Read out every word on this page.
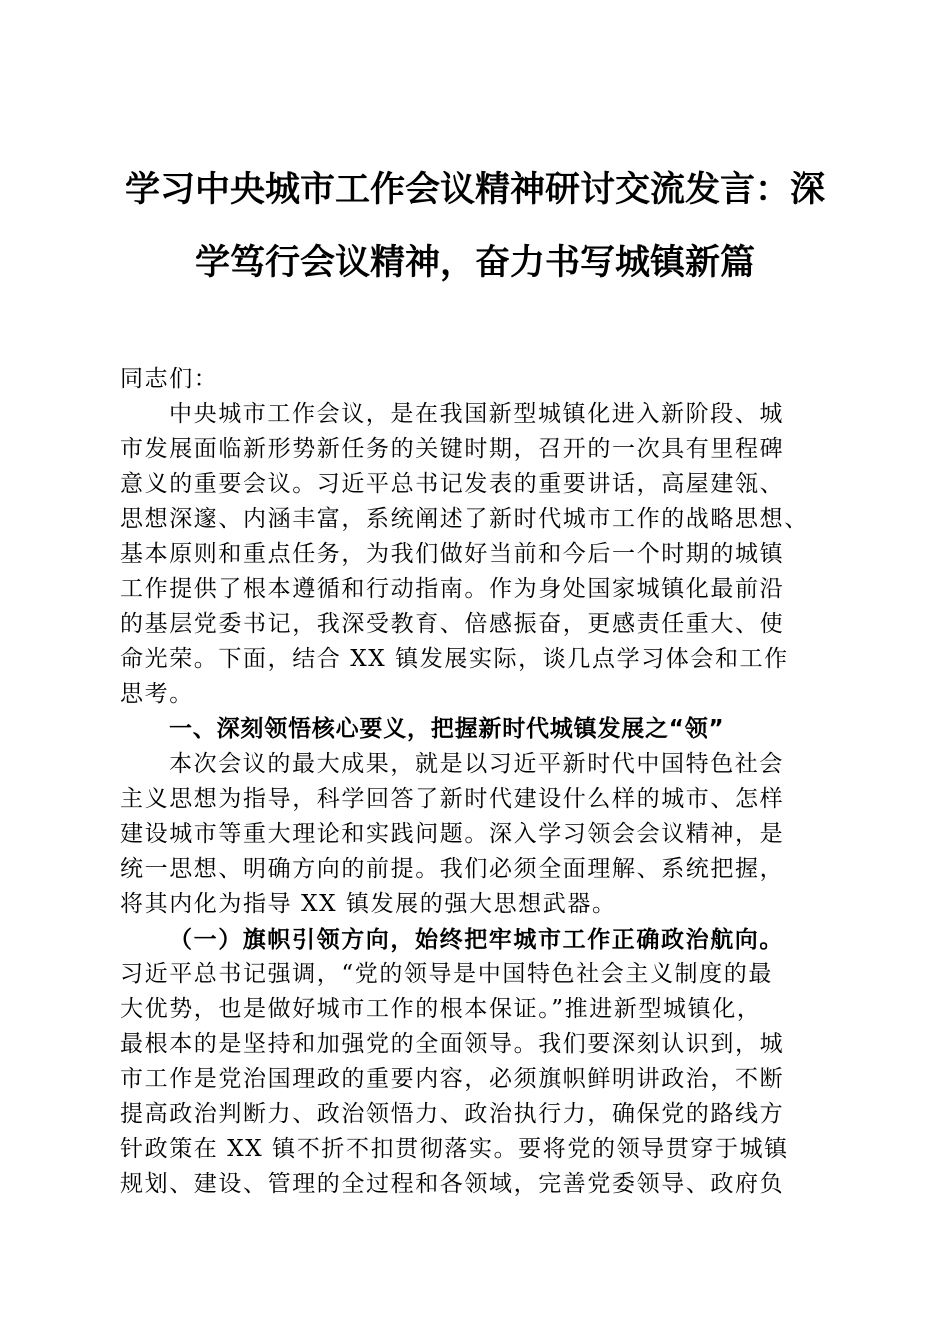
学习中央城市工作会议精神研讨交流发言：深
学笃行会议精神，奋力书写城镇新篇
同志们：
中央城市工作会议，是在我国新型城镇化进入新阶段、城
市发展面临新形势新任务的关键时期，召开的一次具有里程碑
意义的重要会议。习近平总书记发表的重要讲话，高屋建瓴、
思想深邃、内涵丰富，系统阐述了新时代城市工作的战略思想、
基本原则和重点任务，为我们做好当前和今后一个时期的城镇
工作提供了根本遵循和行动指南。作为身处国家城镇化最前沿
的基层党委书记，我深受教育、倍感振奋，更感责任重大、使
命光荣。下面，结合 XX 镇发展实际，谈几点学习体会和工作
思考。
一、深刻领悟核心要义，把握新时代城镇发展之“领”
本次会议的最大成果，就是以习近平新时代中国特色社会
主义思想为指导，科学回答了新时代建设什么样的城市、怎样
建设城市等重大理论和实践问题。深入学习领会会议精神，是
统一思想、明确方向的前提。我们必须全面理解、系统把握，
将其内化为指导 XX 镇发展的强大思想武器。
（一）旗帜引领方向，始终把牢城市工作正确政治航向。
习近平总书记强调，“党的领导是中国特色社会主义制度的最
大优势，也是做好城市工作的根本保证。”推进新型城镇化，
最根本的是坚持和加强党的全面领导。我们要深刻认识到，城
市工作是党治国理政的重要内容，必须旗帜鲜明讲政治，不断
提高政治判断力、政治领悟力、政治执行力，确保党的路线方
针政策在 XX 镇不折不扣贯彻落实。要将党的领导贯穿于城镇
规划、建设、管理的全过程和各领域，完善党委领导、政府负
